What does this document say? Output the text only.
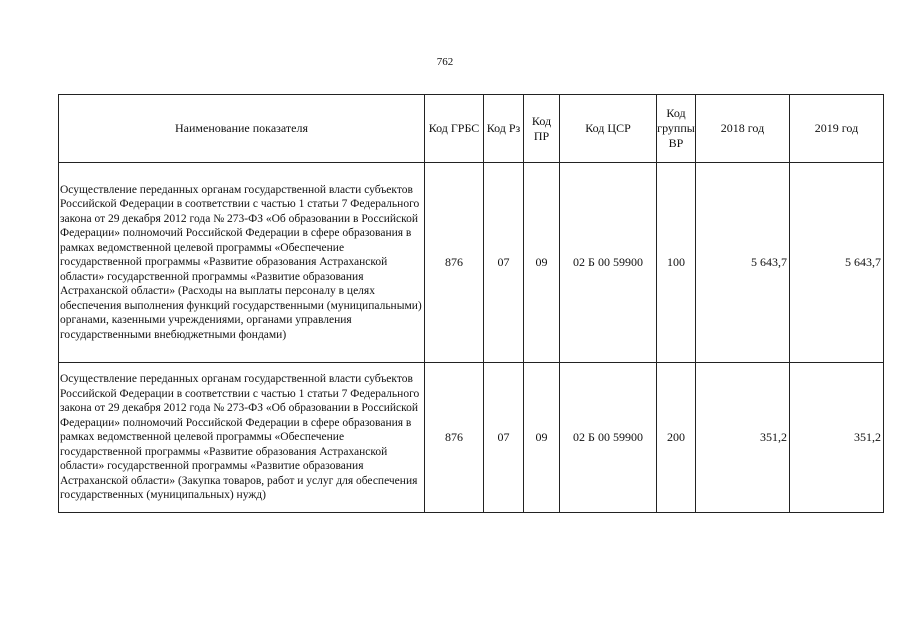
762
Наименование показателя	Код ГРБС	Код Рз	Код ПР	Код ЦСР	Код группы ВР	2018 год	2019 год
Осуществление переданных органам государственной власти субъектов Российской Федерации в соответствии с частью 1 статьи 7 Федерального закона от 29 декабря 2012 года № 273-ФЗ «Об образовании в Российской Федерации» полномочий Российской Федерации в сфере образования в рамках ведомственной целевой программы «Обеспечение государственной программы «Развитие образования Астраханской области» государственной программы «Развитие образования Астраханской области» (Расходы на выплаты персоналу в целях обеспечения выполнения функций государственными (муниципальными) органами, казенными учреждениями, органами управления государственными внебюджетными фондами)	876	07	09	02 Б 00 59900	100	5 643,7	5 643,7
Осуществление переданных органам государственной власти субъектов Российской Федерации в соответствии с частью 1 статьи 7 Федерального закона от 29 декабря 2012 года № 273-ФЗ «Об образовании в Российской Федерации» полномочий Российской Федерации в сфере образования в рамках ведомственной целевой программы «Обеспечение государственной программы «Развитие образования Астраханской области» государственной программы «Развитие образования Астраханской области» (Закупка товаров, работ и услуг для обеспечения государственных (муниципальных) нужд)	876	07	09	02 Б 00 59900	200	351,2	351,2
